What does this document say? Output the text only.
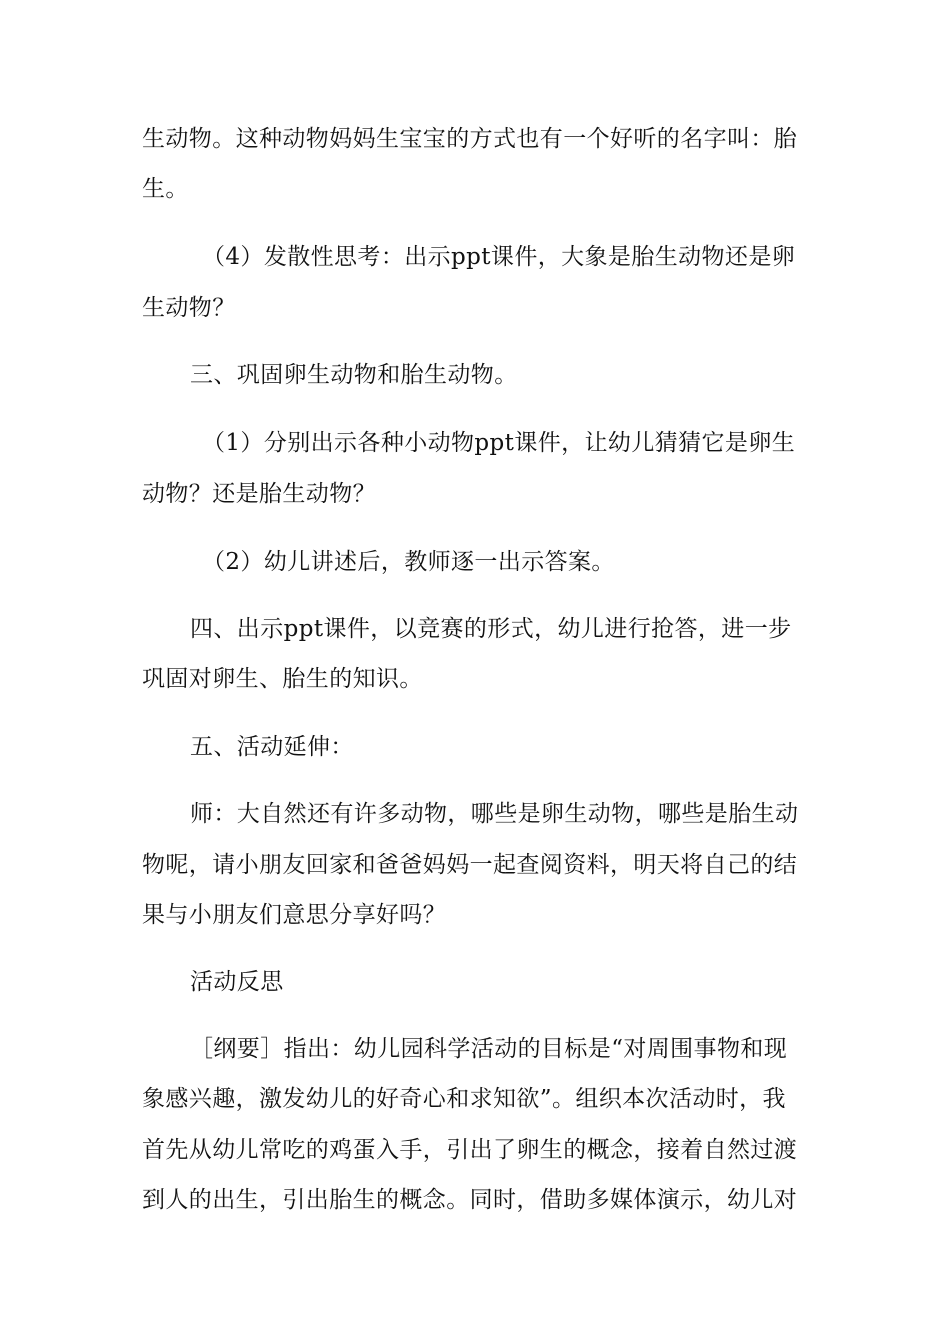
生动物。这种动物妈妈生宝宝的方式也有一个好听的名字叫：胎
生。
（4）发散性思考：出示ppt课件，大象是胎生动物还是卵
生动物？
三、巩固卵生动物和胎生动物。
（1）分别出示各种小动物ppt课件，让幼儿猜猜它是卵生
动物？还是胎生动物？
（2）幼儿讲述后，教师逐一出示答案。
四、出示ppt课件，以竞赛的形式，幼儿进行抢答，进一步
巩固对卵生、胎生的知识。
五、活动延伸：
师：大自然还有许多动物，哪些是卵生动物，哪些是胎生动
物呢，请小朋友回家和爸爸妈妈一起查阅资料，明天将自己的结
果与小朋友们意思分享好吗？
活动反思
［纲要］指出：幼儿园科学活动的目标是“对周围事物和现
象感兴趣，激发幼儿的好奇心和求知欲”。组织本次活动时，我
首先从幼儿常吃的鸡蛋入手，引出了卵生的概念，接着自然过渡
到人的出生，引出胎生的概念。同时，借助多媒体演示，幼儿对
